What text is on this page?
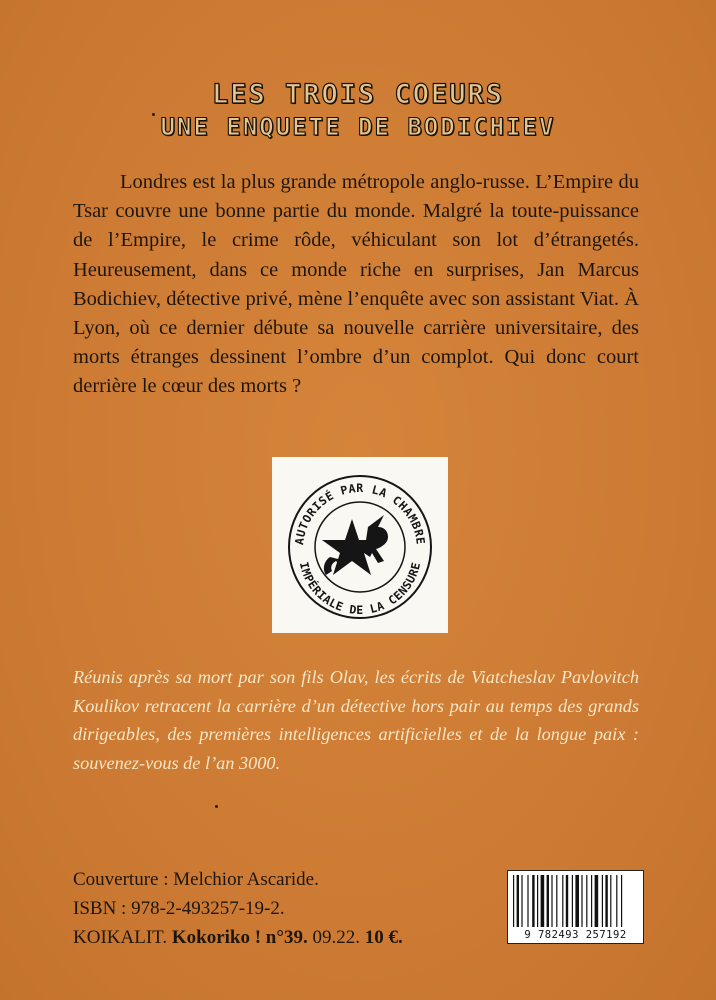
LES TROIS COEURS
UNE ENQUETE DE BODICHIEV

Londres est la plus grande métropole anglo-russe. L’Empire du Tsar couvre une bonne partie du monde. Malgré la toute-puissance de l’Empire, le crime rôde, véhiculant son lot d’étrangetés. Heureusement, dans ce monde riche en surprises, Jan Marcus Bodichiev, détective privé, mène l’enquête avec son assistant Viat. À Lyon, où ce dernier débute sa nouvelle carrière universitaire, des morts étranges dessinent l’ombre d’un complot. Qui donc court derrière le cœur des morts ?

AUTORISÉ PAR LA CHAMBRE
IMPÉRIALE DE LA CENSURE

Réunis après sa mort par son fils Olav, les écrits de Viatcheslav Pavlovitch Koulikov retracent la carrière d’un détective hors pair au temps des grands dirigeables, des premières intelligences artificielles et de la longue paix : souvenez-vous de l’an 3000.

Couverture : Melchior Ascaride.
ISBN : 978-2-493257-19-2.
KOIKALIT. Kokoriko ! n°39. 09.22. 10 €.	9 782493 257192
